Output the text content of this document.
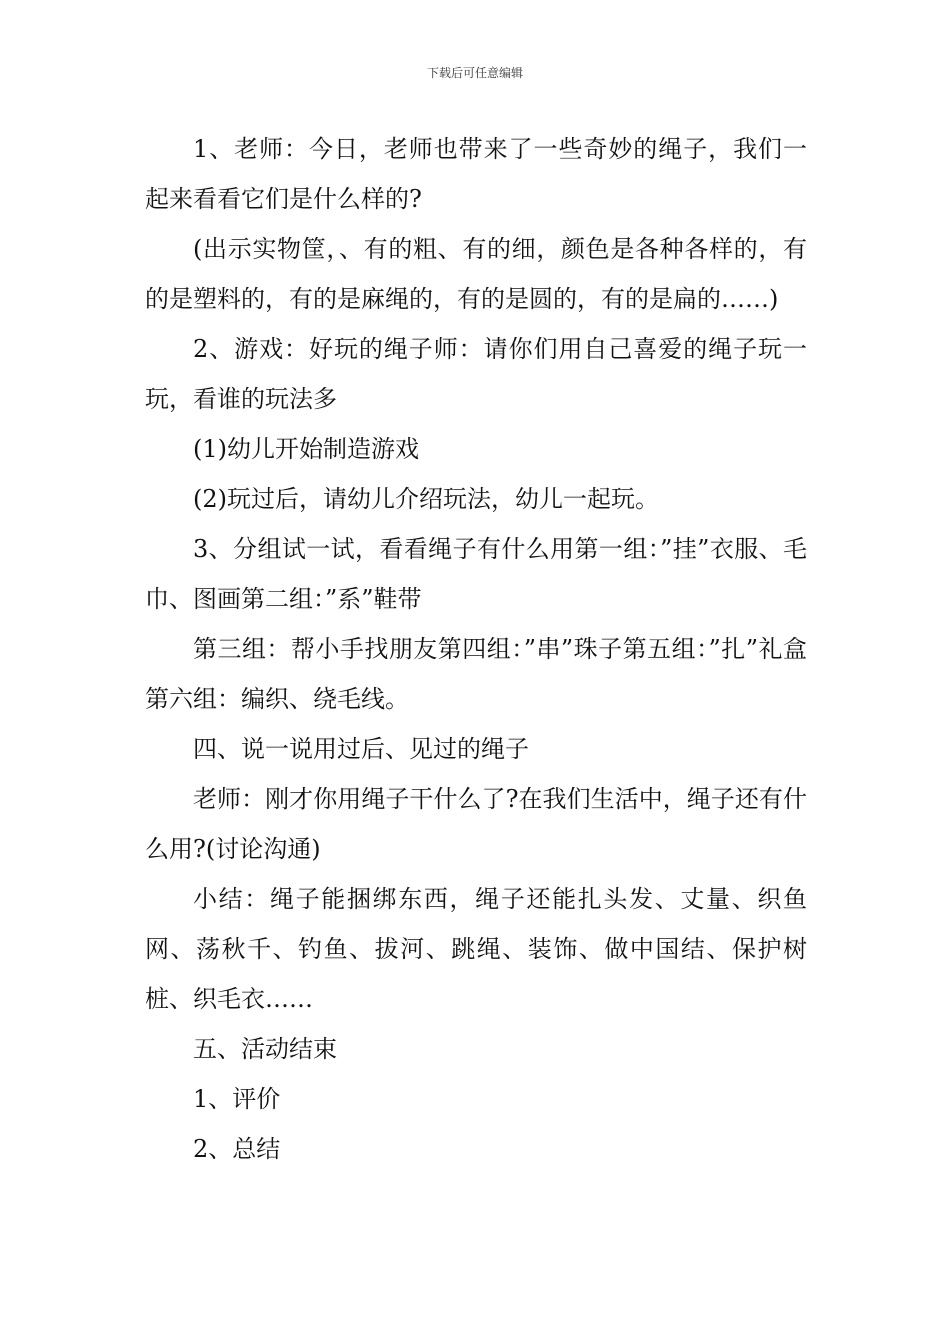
下载后可任意编辑

1、老师：今日，老师也带来了一些奇妙的绳子，我们一起来看看它们是什么样的?

(出示实物筐，、有的粗、有的细，颜色是各种各样的，有的是塑料的，有的是麻绳的，有的是圆的，有的是扁的……)

2、游戏：好玩的绳子师：请你们用自己喜爱的绳子玩一玩，看谁的玩法多

(1)幼儿开始制造游戏

(2)玩过后，请幼儿介绍玩法，幼儿一起玩。

3、分组试一试，看看绳子有什么用第一组：”挂”衣服、毛巾、图画第二组：”系”鞋带

第三组：帮小手找朋友第四组：”串”珠子第五组：”扎”礼盒第六组：编织、绕毛线。

四、说一说用过后、见过的绳子

老师：刚才你用绳子干什么了?在我们生活中，绳子还有什么用?(讨论沟通)

小结：绳子能捆绑东西，绳子还能扎头发、丈量、织鱼网、荡秋千、钓鱼、拔河、跳绳、装饰、做中国结、保护树桩、织毛衣……

五、活动结束

1、评价

2、总结
